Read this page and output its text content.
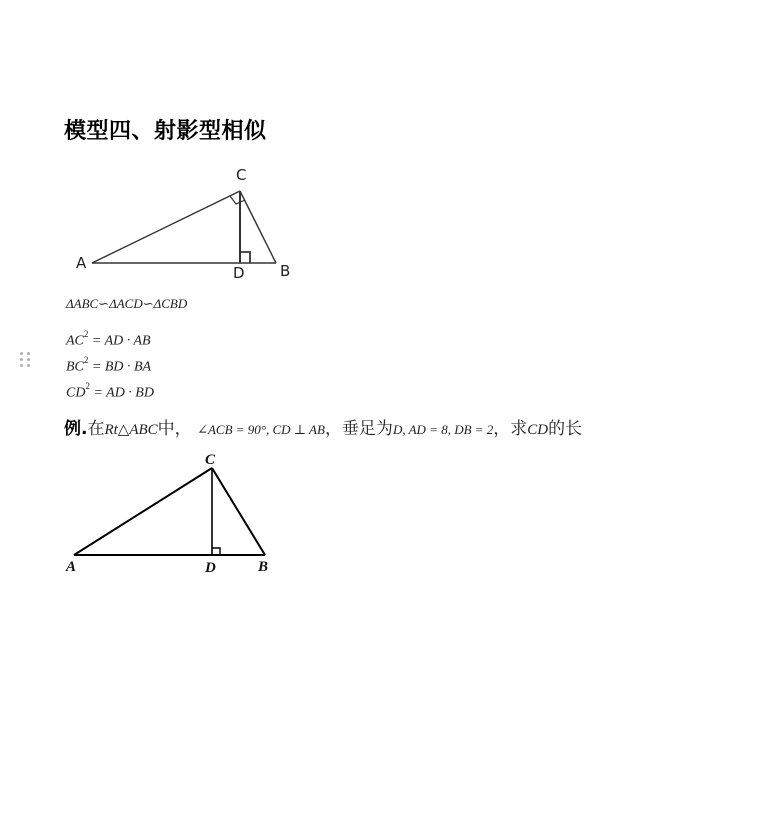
模型四、射影型相似
A	B
C
D
ΔABC∽ΔACD∽ΔCBD
$AC^2$ = AD · AB
$BC^2$ = BD · BA
$CD^2$ = AD · BD
例.在Rt△ABC中， ∠ACB = 90°, CD ⊥ AB，垂足为D, AD = 8, DB = 2，求CD的长
A	B
C
D
